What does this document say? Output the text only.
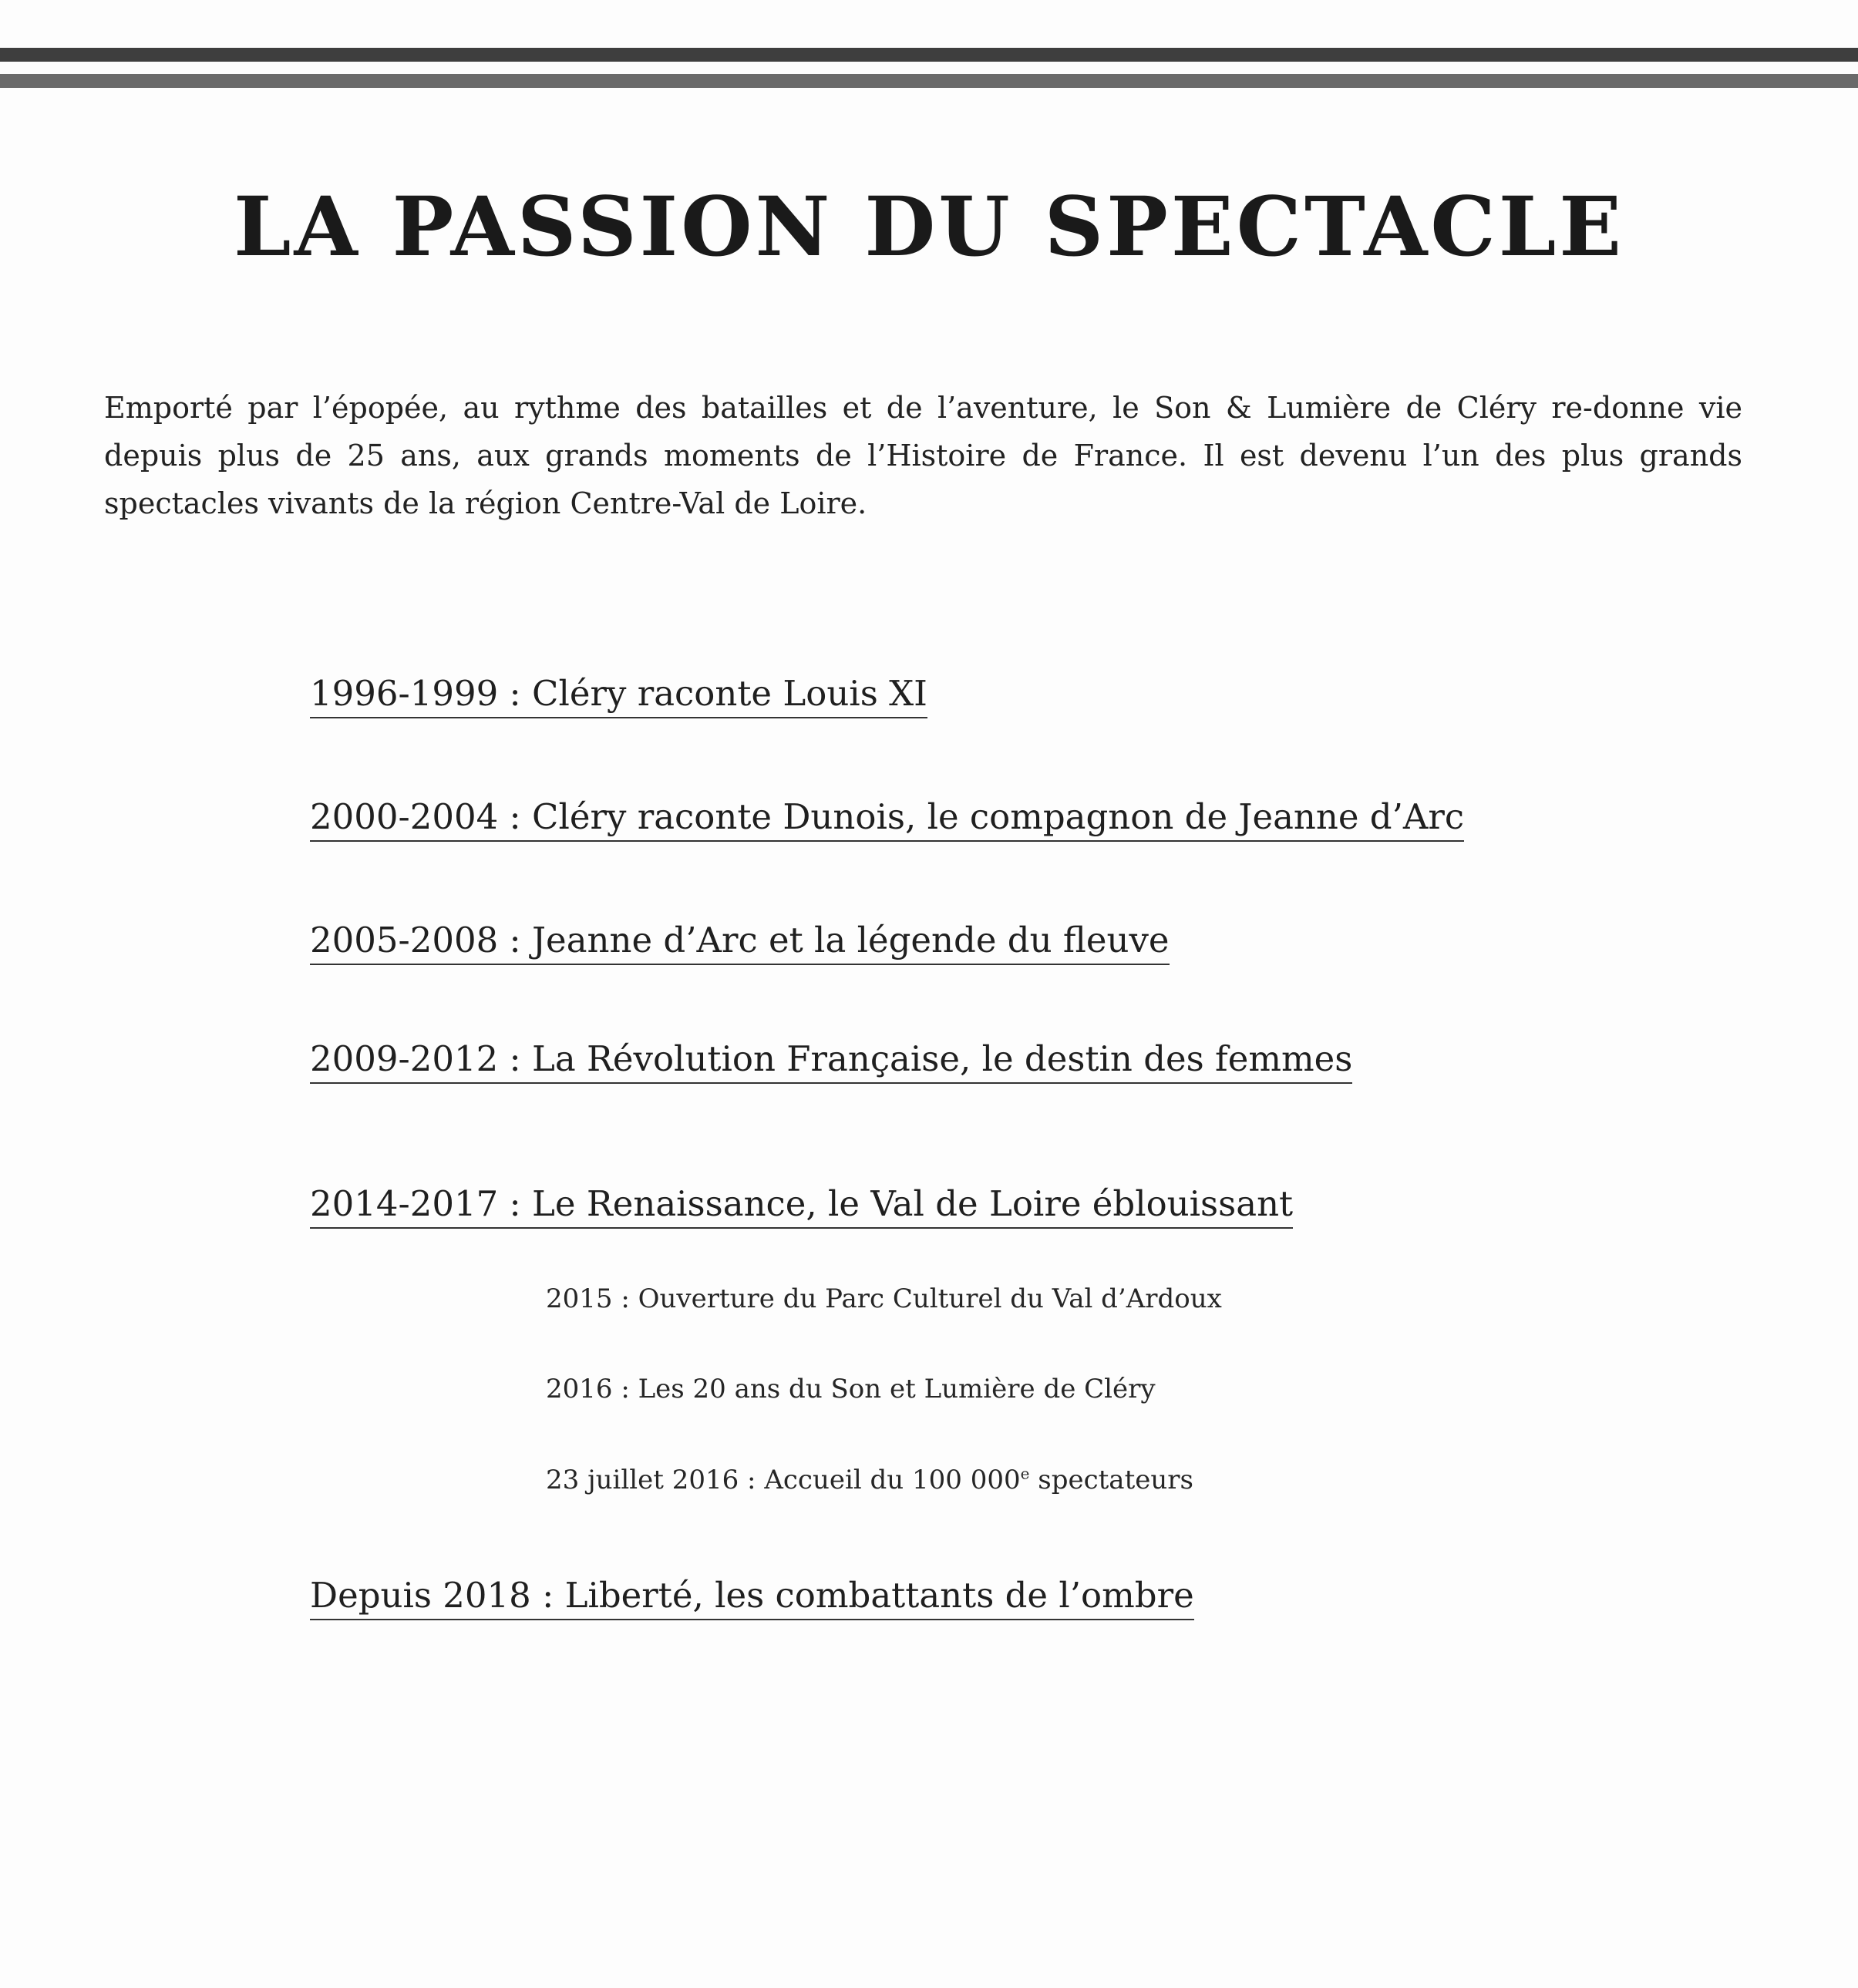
LA PASSION DU SPECTACLE

Emporté par l’épopée, au rythme des batailles et de l’aventure, le Son & Lumière de Cléry re-donne vie depuis plus de 25 ans, aux grands moments de l’Histoire de France. Il est devenu l’un des plus grands spectacles vivants de la région Centre-Val de Loire.

1996-1999 : Cléry raconte Louis XI
2000-2004 : Cléry raconte Dunois, le compagnon de Jeanne d’Arc
2005-2008 : Jeanne d’Arc et la légende du fleuve
2009-2012 : La Révolution Française, le destin des femmes
2014-2017 : Le Renaissance, le Val de Loire éblouissant
2015 : Ouverture du Parc Culturel du Val d’Ardoux
2016 : Les 20 ans du Son et Lumière de Cléry
23 juillet 2016 : Accueil du 100 000e spectateurs
Depuis 2018 : Liberté, les combattants de l’ombre
